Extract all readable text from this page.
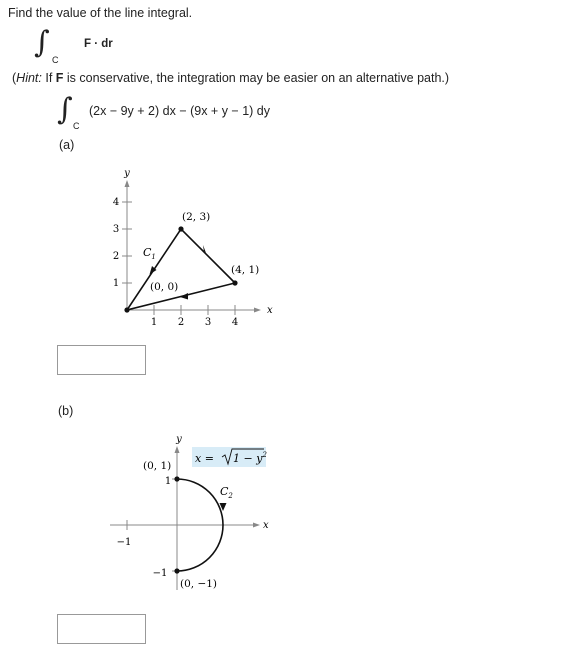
Find the value of the line integral.
∫ C
F · dr
(Hint: If F is conservative, the integration may be easier on an alternative path.)
∫ C
(2x − 9y + 2) dx − (9x + y − 1) dy
(a)
1 2 3 4
1
2
3
4
y
x
(0, 0)
(2, 3)
(4, 1)
$C_1$
(b)
−1
1
−1
y
x
(0, 1)
(0, −1)
$C_2$
$x = 1 - y^2$
